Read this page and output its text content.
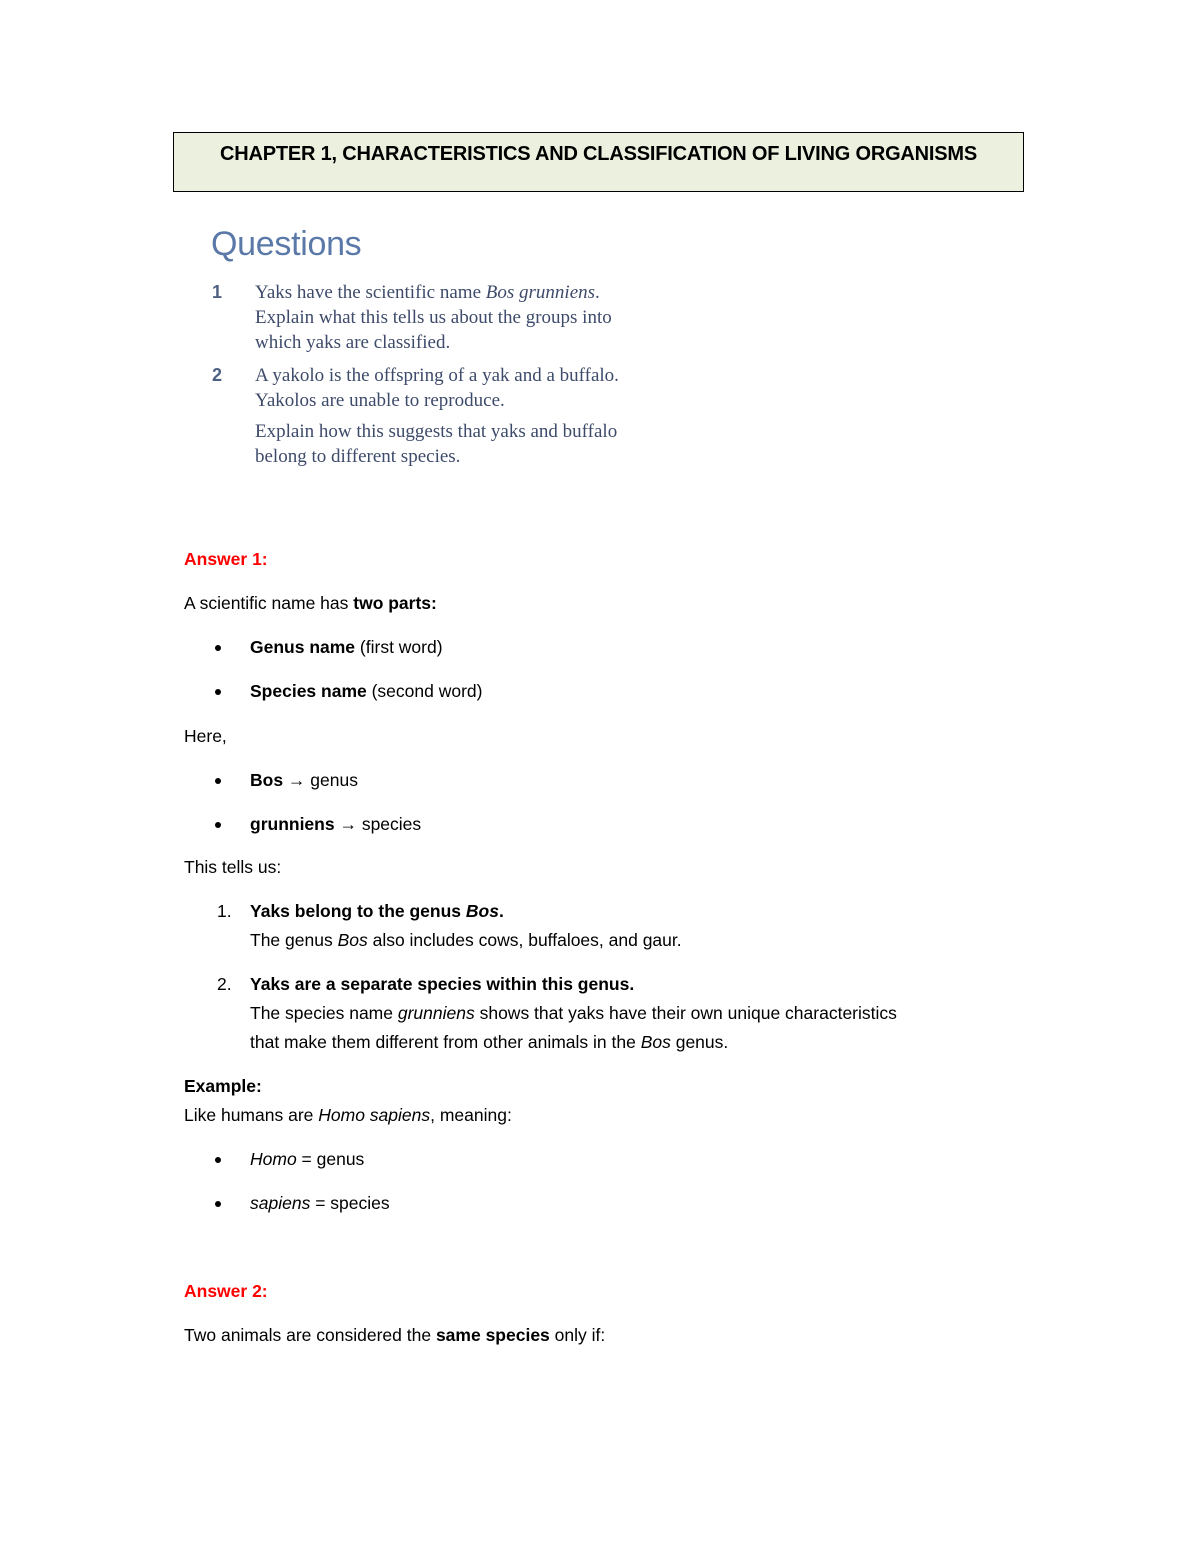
CHAPTER 1, CHARACTERISTICS AND CLASSIFICATION OF LIVING ORGANISMS
Questions
1	Yaks have the scientific name Bos grunniens.
Explain what this tells us about the groups into
which yaks are classified.
2	A yakolo is the offspring of a yak and a buffalo.
Yakolos are unable to reproduce.
Explain how this suggests that yaks and buffalo
belong to different species.
Answer 1:
A scientific name has two parts:
Genus name (first word)
Species name (second word)
Here,
Bos → genus
grunniens → species
This tells us:
1. Yaks belong to the genus Bos.
The genus Bos also includes cows, buffaloes, and gaur.
2. Yaks are a separate species within this genus.
The species name grunniens shows that yaks have their own unique characteristics
that make them different from other animals in the Bos genus.
Example:
Like humans are Homo sapiens, meaning:
Homo = genus
sapiens = species
Answer 2:
Two animals are considered the same species only if:
